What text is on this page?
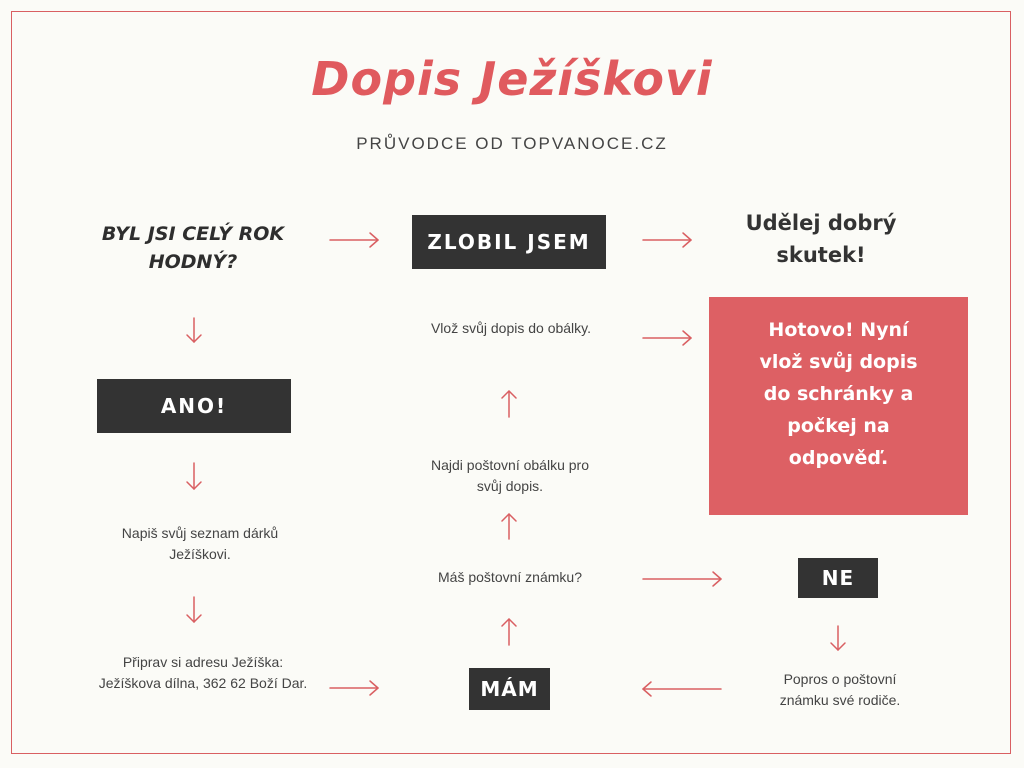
Dopis Ježíškovi
PRŮVODCE OD TOPVANOCE.CZ
BYL JSI CELÝ ROK HODNÝ?
ANO!
Napiš svůj seznam dárků Ježíškovi.
Připrav si adresu Ježíška: Ježíškova dílna, 362 62 Boží Dar.
ZLOBIL JSEM
Vlož svůj dopis do obálky.
Najdi poštovní obálku pro svůj dopis.
Máš poštovní známku?
MÁM
Udělej dobrý skutek!
Hotovo! Nyní vlož svůj dopis do schránky a počkej na odpověď.
NE
Popros o poštovní známku své rodiče.
